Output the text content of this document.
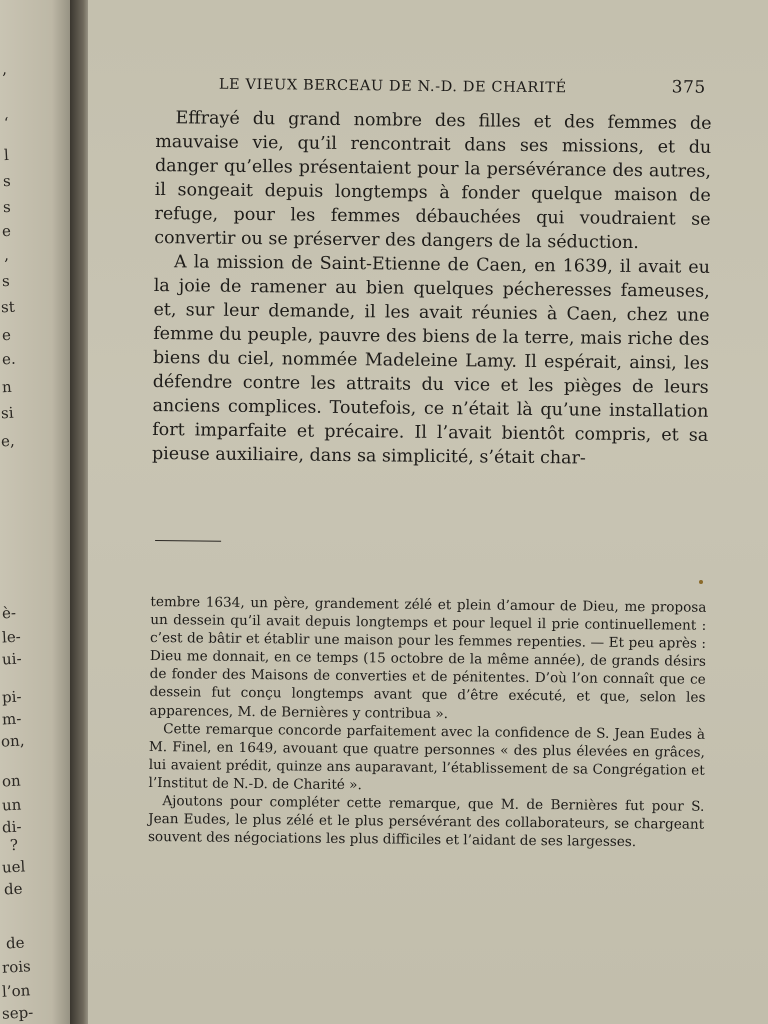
,
‘
l
s
s
e
,
s
st
e
e.
n
si
e,
è-
le-
ui-
pi-
m-
on,
on
un
di-
?
uel
de
de
rois
l’on
sep-
LE VIEUX BERCEAU DE N.-D. DE CHARITÉ	375

Effrayé du grand nombre des filles et des femmes de mauvaise vie, qu’il rencontrait dans ses missions, et du danger qu’elles présentaient pour la persévérance des autres, il songeait depuis longtemps à fonder quelque maison de refuge, pour les femmes débauchées qui voudraient se convertir ou se préserver des dangers de la séduction.

A la mission de Saint-Etienne de Caen, en 1639, il avait eu la joie de ramener au bien quelques pécheresses fameuses, et, sur leur demande, il les avait réunies à Caen, chez une femme du peuple, pauvre des biens de la terre, mais riche des biens du ciel, nommée Madeleine Lamy. Il espérait, ainsi, les défendre contre les attraits du vice et les pièges de leurs anciens complices. Toutefois, ce n’était là qu’une installation fort imparfaite et précaire. Il l’avait bientôt compris, et sa pieuse auxiliaire, dans sa simplicité, s’était char-

tembre 1634, un père, grandement zélé et plein d’amour de Dieu, me proposa un dessein qu’il avait depuis longtemps et pour lequel il prie continuellement : c’est de bâtir et établir une maison pour les femmes repenties. — Et peu après : Dieu me donnait, en ce temps (15 octobre de la même année), de grands désirs de fonder des Maisons de converties et de pénitentes. D’où l’on connaît que ce dessein fut conçu longtemps avant que d’être exécuté, et que, selon les apparences, M. de Bernières y contribua ».

Cette remarque concorde parfaitement avec la confidence de S. Jean Eudes à M. Finel, en 1649, avouant que quatre personnes « des plus élevées en grâces, lui avaient prédit, quinze ans auparavant, l’établissement de sa Congrégation et l’Institut de N.-D. de Charité ».

Ajoutons pour compléter cette remarque, que M. de Bernières fut pour S. Jean Eudes, le plus zélé et le plus persévérant des collaborateurs, se chargeant souvent des négociations les plus difficiles et l’aidant de ses largesses.
